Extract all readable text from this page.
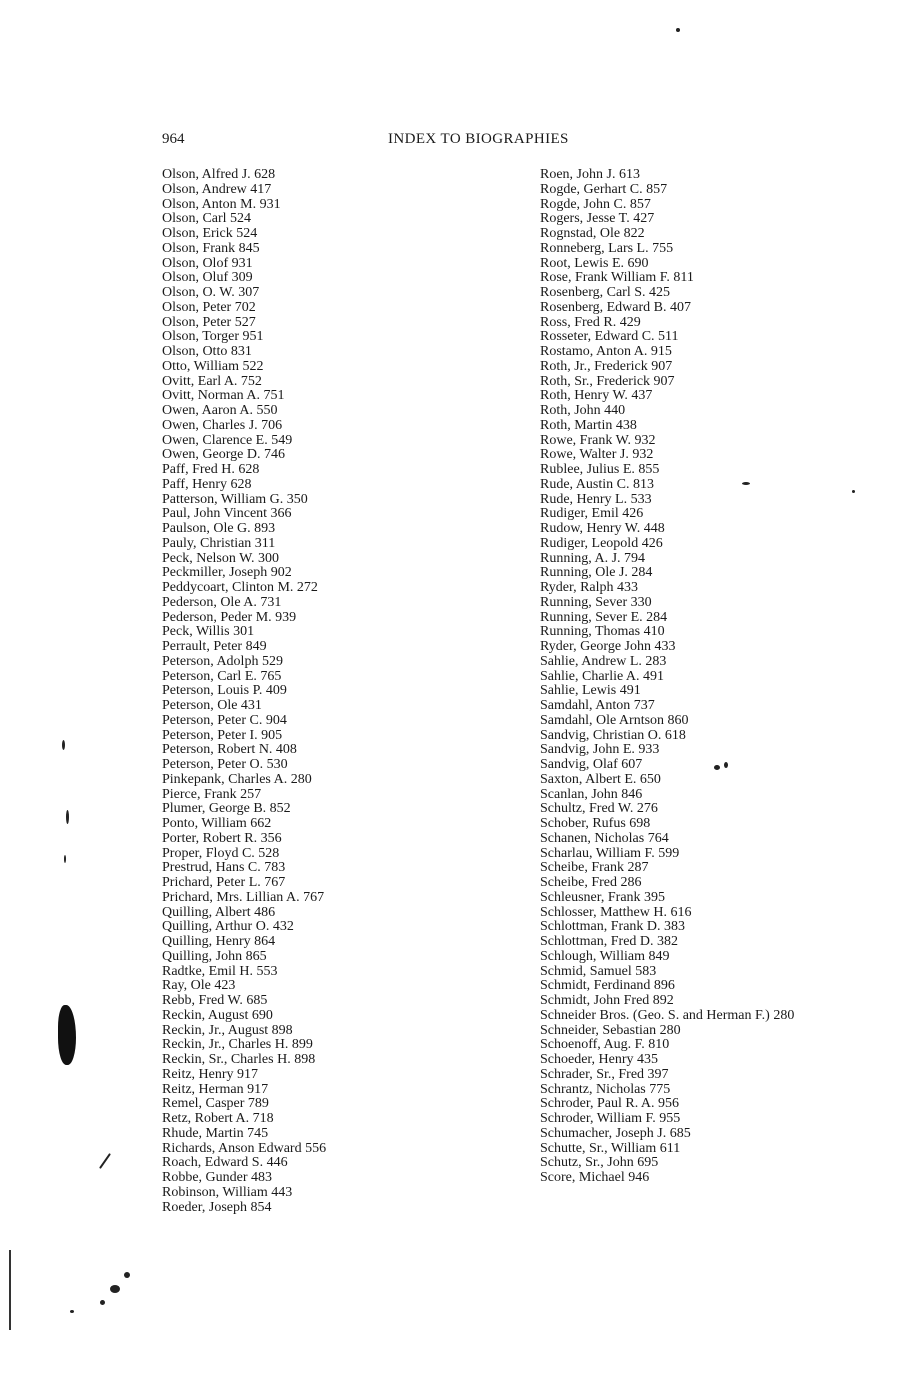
964	INDEX TO BIOGRAPHIES
Olson, Alfred J. 628
Olson, Andrew 417
Olson, Anton M. 931
Olson, Carl 524
Olson, Erick 524
Olson, Frank 845
Olson, Olof 931
Olson, Oluf 309
Olson, O. W. 307
Olson, Peter 702
Olson, Peter 527
Olson, Torger 951
Olson, Otto 831
Otto, William 522
Ovitt, Earl A. 752
Ovitt, Norman A. 751
Owen, Aaron A. 550
Owen, Charles J. 706
Owen, Clarence E. 549
Owen, George D. 746
Paff, Fred H. 628
Paff, Henry 628
Patterson, William G. 350
Paul, John Vincent 366
Paulson, Ole G. 893
Pauly, Christian 311
Peck, Nelson W. 300
Peckmiller, Joseph 902
Peddycoart, Clinton M. 272
Pederson, Ole A. 731
Pederson, Peder M. 939
Peck, Willis 301
Perrault, Peter 849
Peterson, Adolph 529
Peterson, Carl E. 765
Peterson, Louis P. 409
Peterson, Ole 431
Peterson, Peter C. 904
Peterson, Peter I. 905
Peterson, Robert N. 408
Peterson, Peter O. 530
Pinkepank, Charles A. 280
Pierce, Frank 257
Plumer, George B. 852
Ponto, William 662
Porter, Robert R. 356
Proper, Floyd C. 528
Prestrud, Hans C. 783
Prichard, Peter L. 767
Prichard, Mrs. Lillian A. 767
Quilling, Albert 486
Quilling, Arthur O. 432
Quilling, Henry 864
Quilling, John 865
Radtke, Emil H. 553
Ray, Ole 423
Rebb, Fred W. 685
Reckin, August 690
Reckin, Jr., August 898
Reckin, Jr., Charles H. 899
Reckin, Sr., Charles H. 898
Reitz, Henry 917
Reitz, Herman 917
Remel, Casper 789
Retz, Robert A. 718
Rhude, Martin 745
Richards, Anson Edward 556
Roach, Edward S. 446
Robbe, Gunder 483
Robinson, William 443
Roeder, Joseph 854
Roen, John J. 613
Rogde, Gerhart C. 857
Rogde, John C. 857
Rogers, Jesse T. 427
Rognstad, Ole 822
Ronneberg, Lars L. 755
Root, Lewis E. 690
Rose, Frank William F. 811
Rosenberg, Carl S. 425
Rosenberg, Edward B. 407
Ross, Fred R. 429
Rosseter, Edward C. 511
Rostamo, Anton A. 915
Roth, Jr., Frederick 907
Roth, Sr., Frederick 907
Roth, Henry W. 437
Roth, John 440
Roth, Martin 438
Rowe, Frank W. 932
Rowe, Walter J. 932
Rublee, Julius E. 855
Rude, Austin C. 813
Rude, Henry L. 533
Rudiger, Emil 426
Rudow, Henry W. 448
Rudiger, Leopold 426
Running, A. J. 794
Running, Ole J. 284
Ryder, Ralph 433
Running, Sever 330
Running, Sever E. 284
Running, Thomas 410
Ryder, George John 433
Sahlie, Andrew L. 283
Sahlie, Charlie A. 491
Sahlie, Lewis 491
Samdahl, Anton 737
Samdahl, Ole Arntson 860
Sandvig, Christian O. 618
Sandvig, John E. 933
Sandvig, Olaf 607
Saxton, Albert E. 650
Scanlan, John 846
Schultz, Fred W. 276
Schober, Rufus 698
Schanen, Nicholas 764
Scharlau, William F. 599
Scheibe, Frank 287
Scheibe, Fred 286
Schleusner, Frank 395
Schlosser, Matthew H. 616
Schlottman, Frank D. 383
Schlottman, Fred D. 382
Schlough, William 849
Schmid, Samuel 583
Schmidt, Ferdinand 896
Schmidt, John Fred 892
Schneider Bros. (Geo. S. and Herman F.) 280
Schneider, Sebastian 280
Schoenoff, Aug. F. 810
Schoeder, Henry 435
Schrader, Sr., Fred 397
Schrantz, Nicholas 775
Schroder, Paul R. A. 956
Schroder, William F. 955
Schumacher, Joseph J. 685
Schutte, Sr., William 611
Schutz, Sr., John 695
Score, Michael 946
